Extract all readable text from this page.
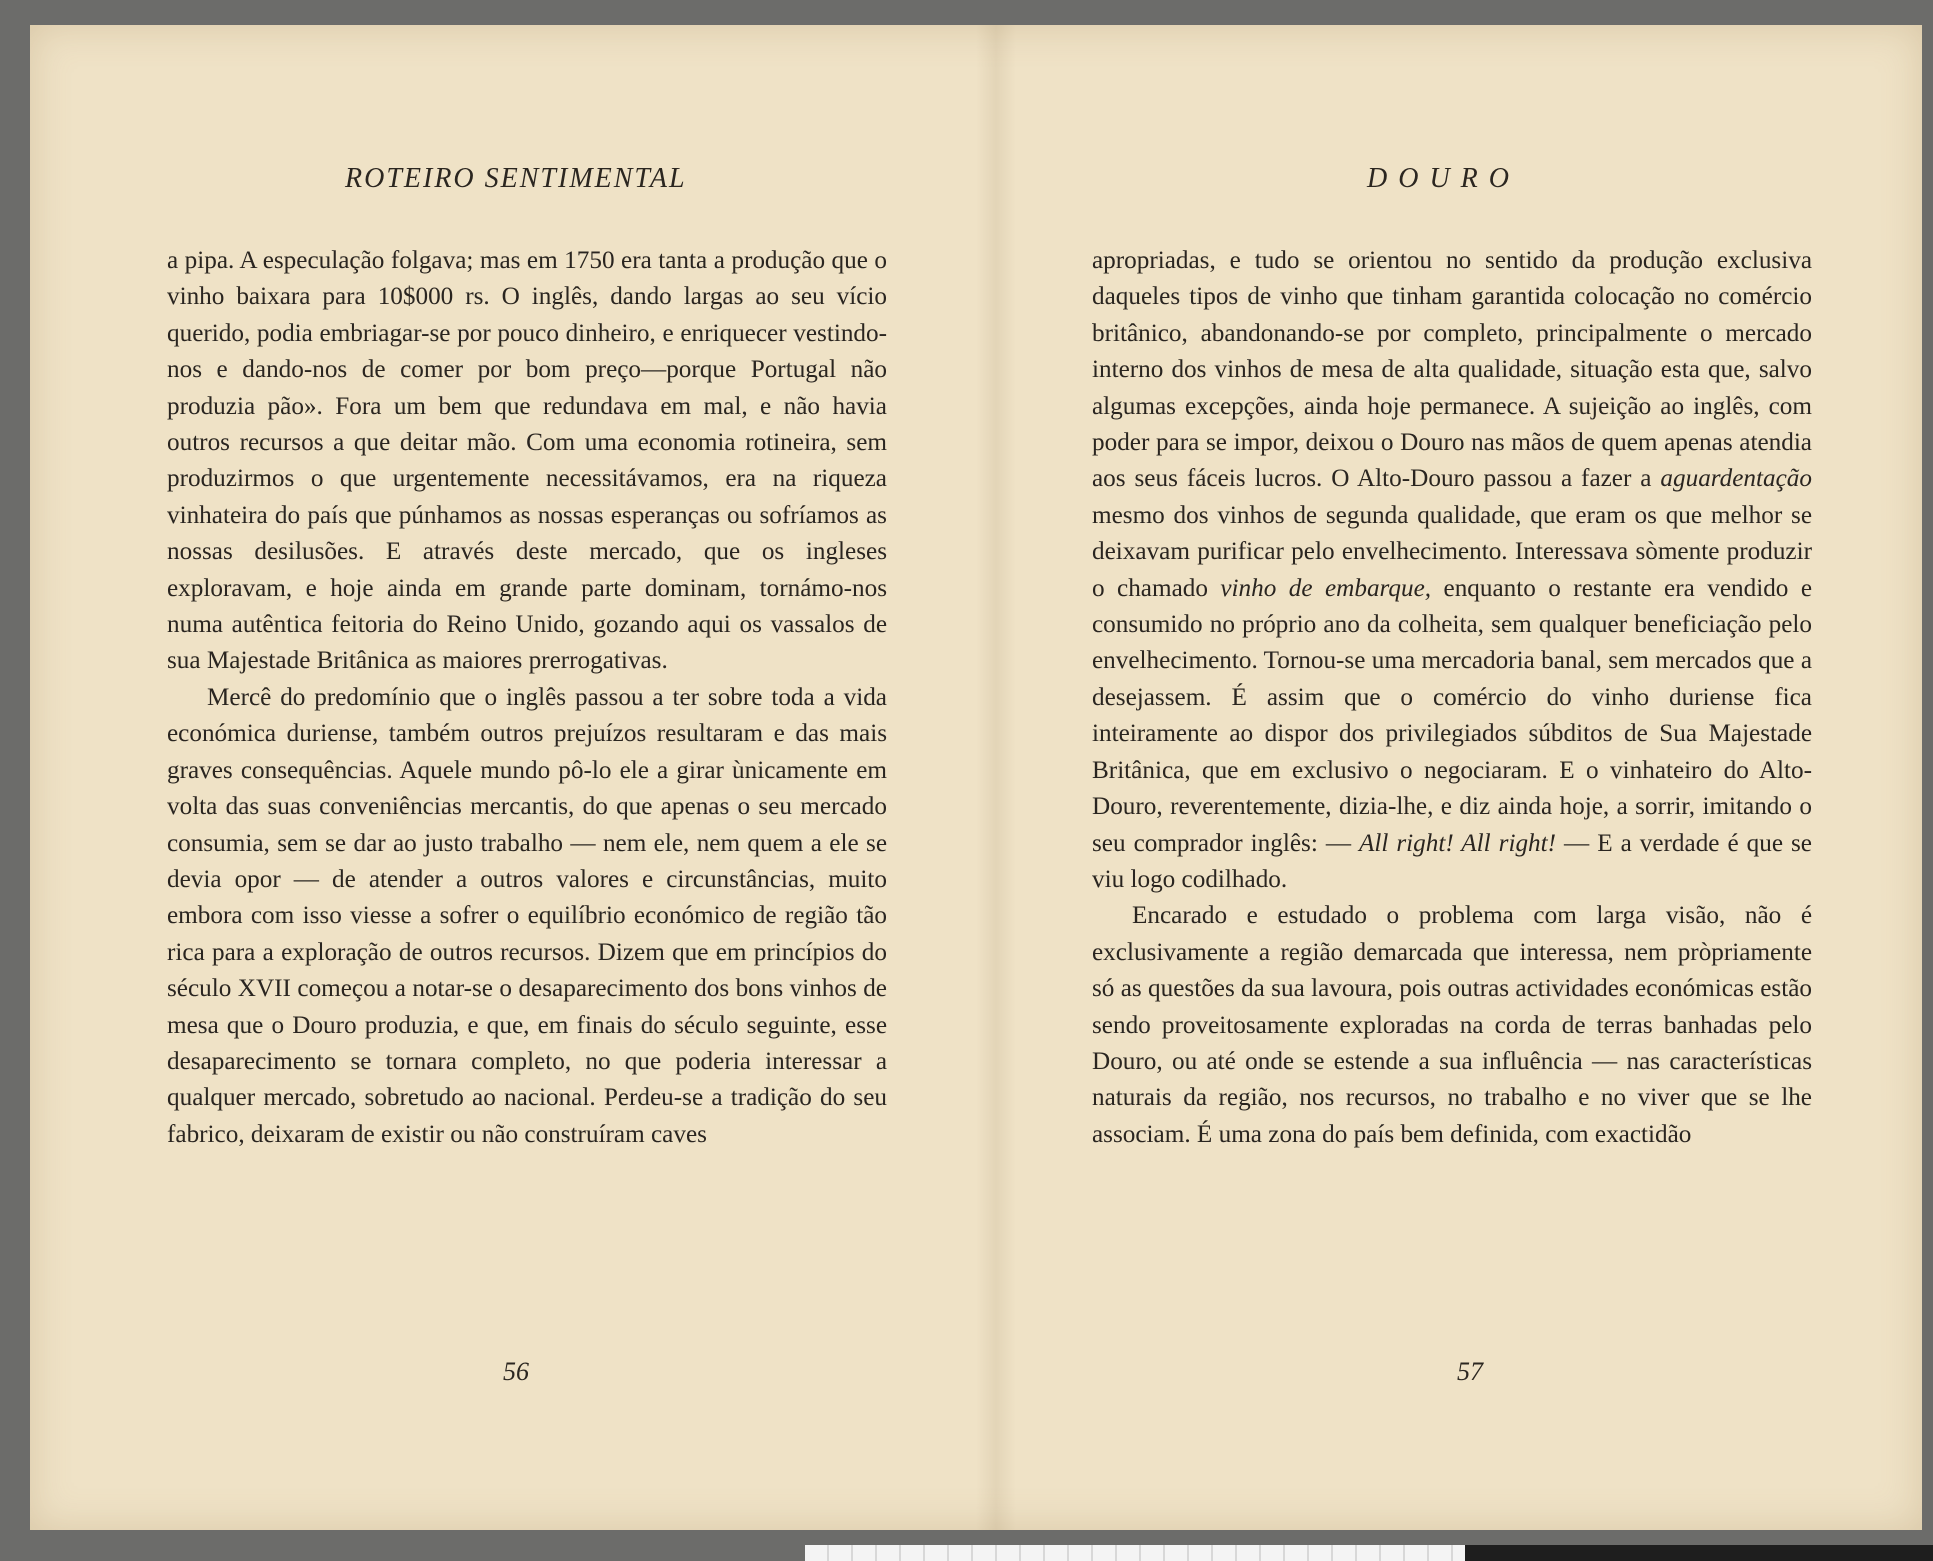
ROTEIRO SENTIMENTAL

a pipa. A especulação folgava; mas em 1750 era tanta a produção que o vinho baixara para 10$000 rs. O inglês, dando largas ao seu vício querido, podia embriagar-se por pouco dinheiro, e enriquecer vestindo-nos e dando-nos de comer por bom preço—porque Portugal não produzia pão». Fora um bem que redundava em mal, e não havia outros recursos a que deitar mão. Com uma economia rotineira, sem produzirmos o que urgentemente necessitávamos, era na riqueza vinhateira do país que púnhamos as nossas esperanças ou sofríamos as nossas desilusões. E através deste mercado, que os ingleses exploravam, e hoje ainda em grande parte dominam, tornámo-nos numa autêntica feitoria do Reino Unido, gozando aqui os vassalos de sua Majestade Britânica as maiores prerrogativas.

Mercê do predomínio que o inglês passou a ter sobre toda a vida económica duriense, também outros prejuízos resultaram e das mais graves consequências. Aquele mundo pô-lo ele a girar ùnicamente em volta das suas conveniências mercantis, do que apenas o seu mercado consumia, sem se dar ao justo trabalho — nem ele, nem quem a ele se devia opor — de atender a outros valores e circunstâncias, muito embora com isso viesse a sofrer o equilíbrio económico de região tão rica para a exploração de outros recursos. Dizem que em princípios do século XVII começou a notar-se o desaparecimento dos bons vinhos de mesa que o Douro produzia, e que, em finais do século seguinte, esse desaparecimento se tornara completo, no que poderia interessar a qualquer mercado, sobretudo ao nacional. Perdeu-se a tradição do seu fabrico, deixaram de existir ou não construíram caves

56
DOURO

apropriadas, e tudo se orientou no sentido da produção exclusiva daqueles tipos de vinho que tinham garantida colocação no comércio britânico, abandonando-se por completo, principalmente o mercado interno dos vinhos de mesa de alta qualidade, situação esta que, salvo algumas excepções, ainda hoje permanece. A sujeição ao inglês, com poder para se impor, deixou o Douro nas mãos de quem apenas atendia aos seus fáceis lucros. O Alto-Douro passou a fazer a aguardentação mesmo dos vinhos de segunda qualidade, que eram os que melhor se deixavam purificar pelo envelhecimento. Interessava sòmente produzir o chamado vinho de embarque, enquanto o restante era vendido e consumido no próprio ano da colheita, sem qualquer beneficiação pelo envelhecimento. Tornou-se uma mercadoria banal, sem mercados que a desejassem. É assim que o comércio do vinho duriense fica inteiramente ao dispor dos privilegiados súbditos de Sua Majestade Britânica, que em exclusivo o negociaram. E o vinhateiro do Alto-Douro, reverentemente, dizia-lhe, e diz ainda hoje, a sorrir, imitando o seu comprador inglês: — All right! All right! — E a verdade é que se viu logo codilhado.

Encarado e estudado o problema com larga visão, não é exclusivamente a região demarcada que interessa, nem pròpriamente só as questões da sua lavoura, pois outras actividades económicas estão sendo proveitosamente exploradas na corda de terras banhadas pelo Douro, ou até onde se estende a sua influência — nas características naturais da região, nos recursos, no trabalho e no viver que se lhe associam. É uma zona do país bem definida, com exactidão

57
